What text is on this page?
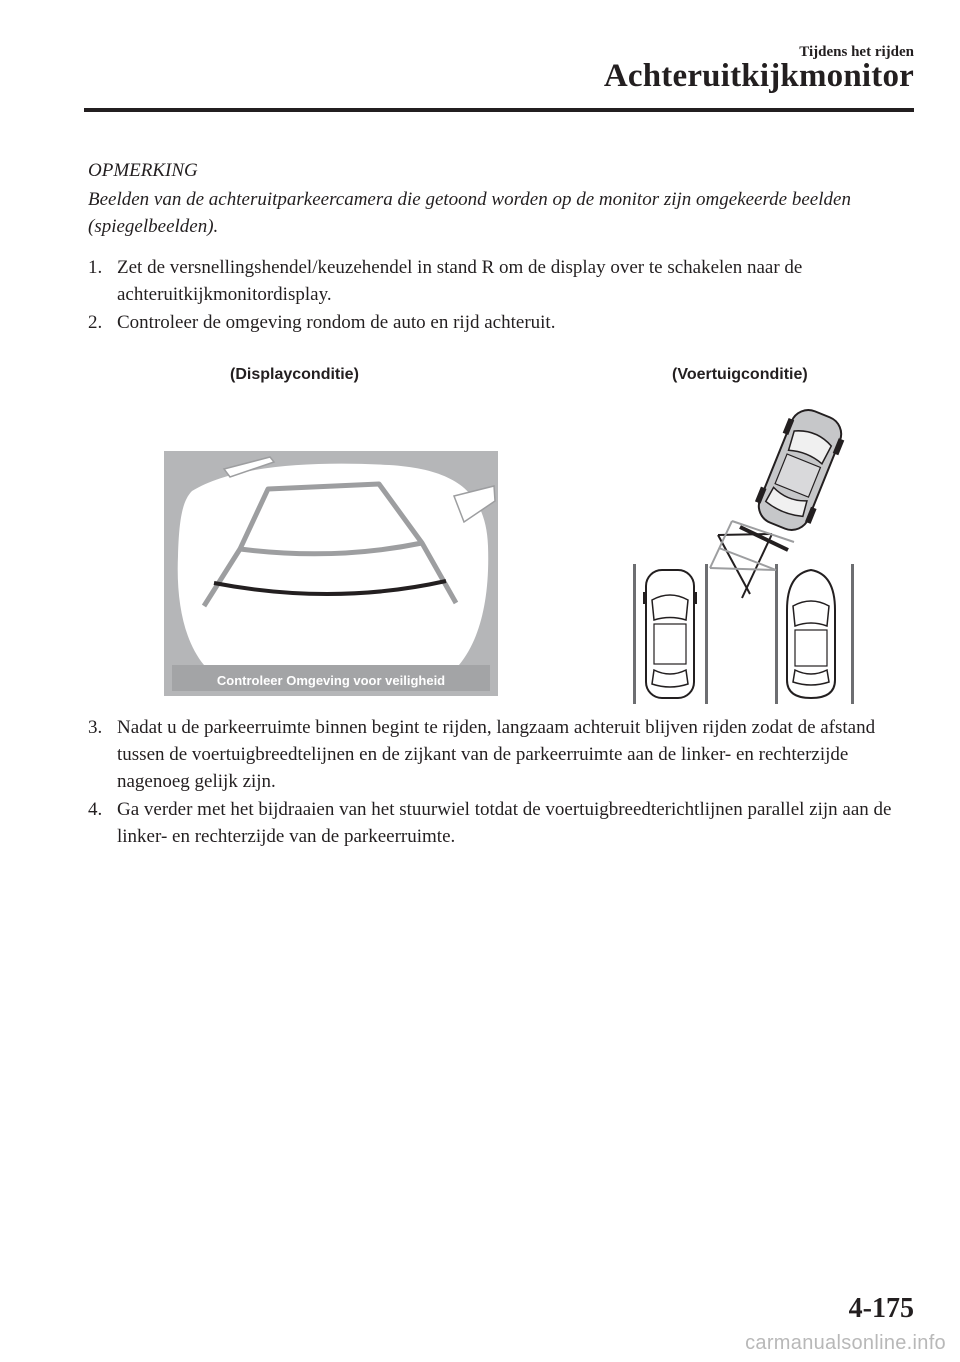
Tijdens het rijden
Achteruitkijkmonitor
OPMERKING
Beelden van de achteruitparkeercamera die getoond worden op de monitor zijn omgekeerde beelden (spiegelbeelden).
1. Zet de versnellingshendel/keuzehendel in stand R om de display over te schakelen naar de achteruitkijkmonitordisplay.
2. Controleer de omgeving rondom de auto en rijd achteruit.
(Displayconditie)	(Voertuigconditie)
Controleer Omgeving voor veiligheid
3. Nadat u de parkeerruimte binnen begint te rijden, langzaam achteruit blijven rijden zodat de afstand tussen de voertuigbreedtelijnen en de zijkant van de parkeerruimte aan de linker- en rechterzijde nagenoeg gelijk zijn.
4. Ga verder met het bijdraaien van het stuurwiel totdat de voertuigbreedterichtlijnen parallel zijn aan de linker- en rechterzijde van de parkeerruimte.
4-175
carmanualsonline.info
